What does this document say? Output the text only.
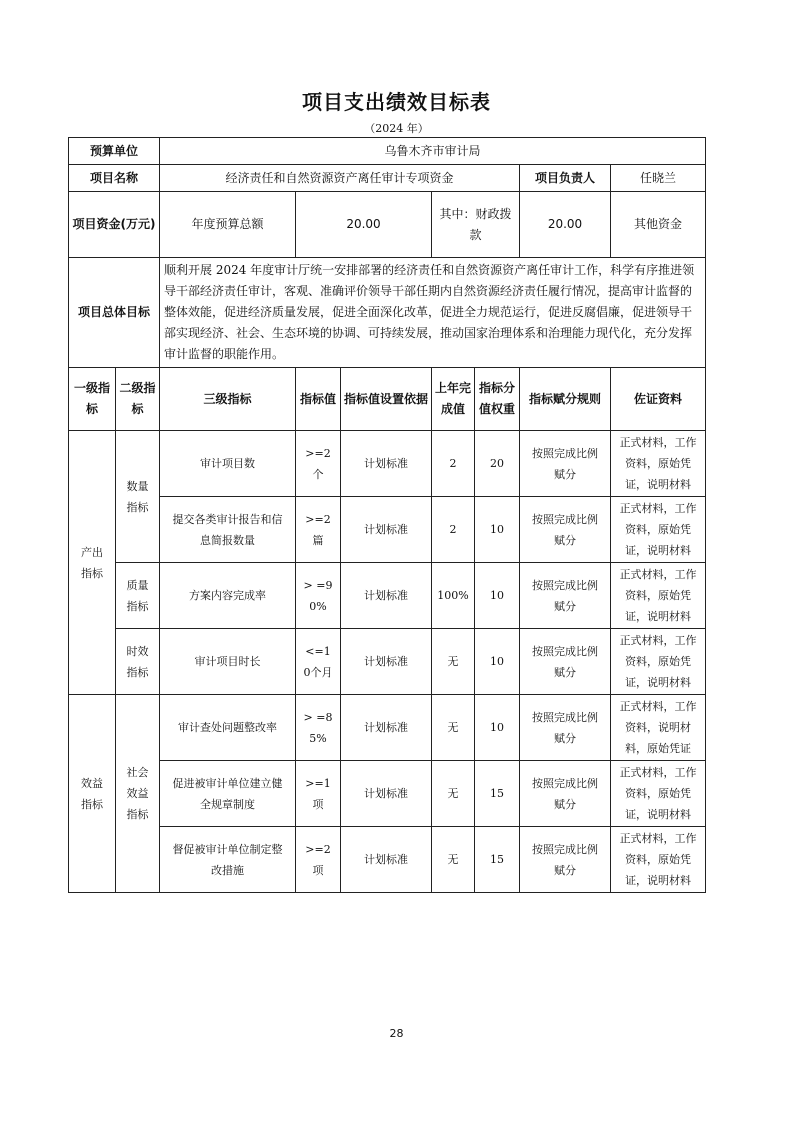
项目支出绩效目标表
（2024 年）
预算单位		乌鲁木齐市审计局							
项目名称		经济责任和自然资源资产离任审计专项资金					项目负责人	任晓兰	
项目资金(万元)		年度预算总额	20.00		其中：财政拨款		20.00	其他资金	
项目总体目标		顺利开展 2024 年度审计厅统一安排部署的经济责任和自然资源资产离任审计工作，科学有序推进领导干部经济责任审计，客观、准确评价领导干部任期内自然资源经济责任履行情况，提高审计监督的整体效能，促进经济质量发展，促进全面深化改革，促进全力规范运行，促进反腐倡廉，促进领导干部实现经济、社会、生态环境的协调、可持续发展，推动国家治理体系和治理能力现代化，充分发挥审计监督的职能作用。							
一级指标	二级指标	三级指标	指标值	指标值设置依据	上年完成值	指标分值权重	指标赋分规则	佐证资料	
产出指标	数量指标	审计项目数	>=2个	计划标准	2	20	按照完成比例赋分	正式材料，工作资料，原始凭证，说明材料	
		提交各类审计报告和信息简报数量	>=2篇	计划标准	2	10	按照完成比例赋分	正式材料，工作资料，原始凭证，说明材料	
	质量指标	方案内容完成率	> =90%	计划标准	100%	10	按照完成比例赋分	正式材料，工作资料，原始凭证，说明材料	
	时效指标	审计项目时长	<=10个月	计划标准	无	10	按照完成比例赋分	正式材料，工作资料，原始凭证，说明材料	
效益指标	社会效益指标	审计查处问题整改率	> =85%	计划标准	无	10	按照完成比例赋分	正式材料，工作资料，说明材料，原始凭证	
		促进被审计单位建立健全规章制度	>=1项	计划标准	无	15	按照完成比例赋分	正式材料，工作资料，原始凭证，说明材料	
		督促被审计单位制定整改措施	>=2项	计划标准	无	15	按照完成比例赋分	正式材料，工作资料，原始凭证，说明材料	
28
